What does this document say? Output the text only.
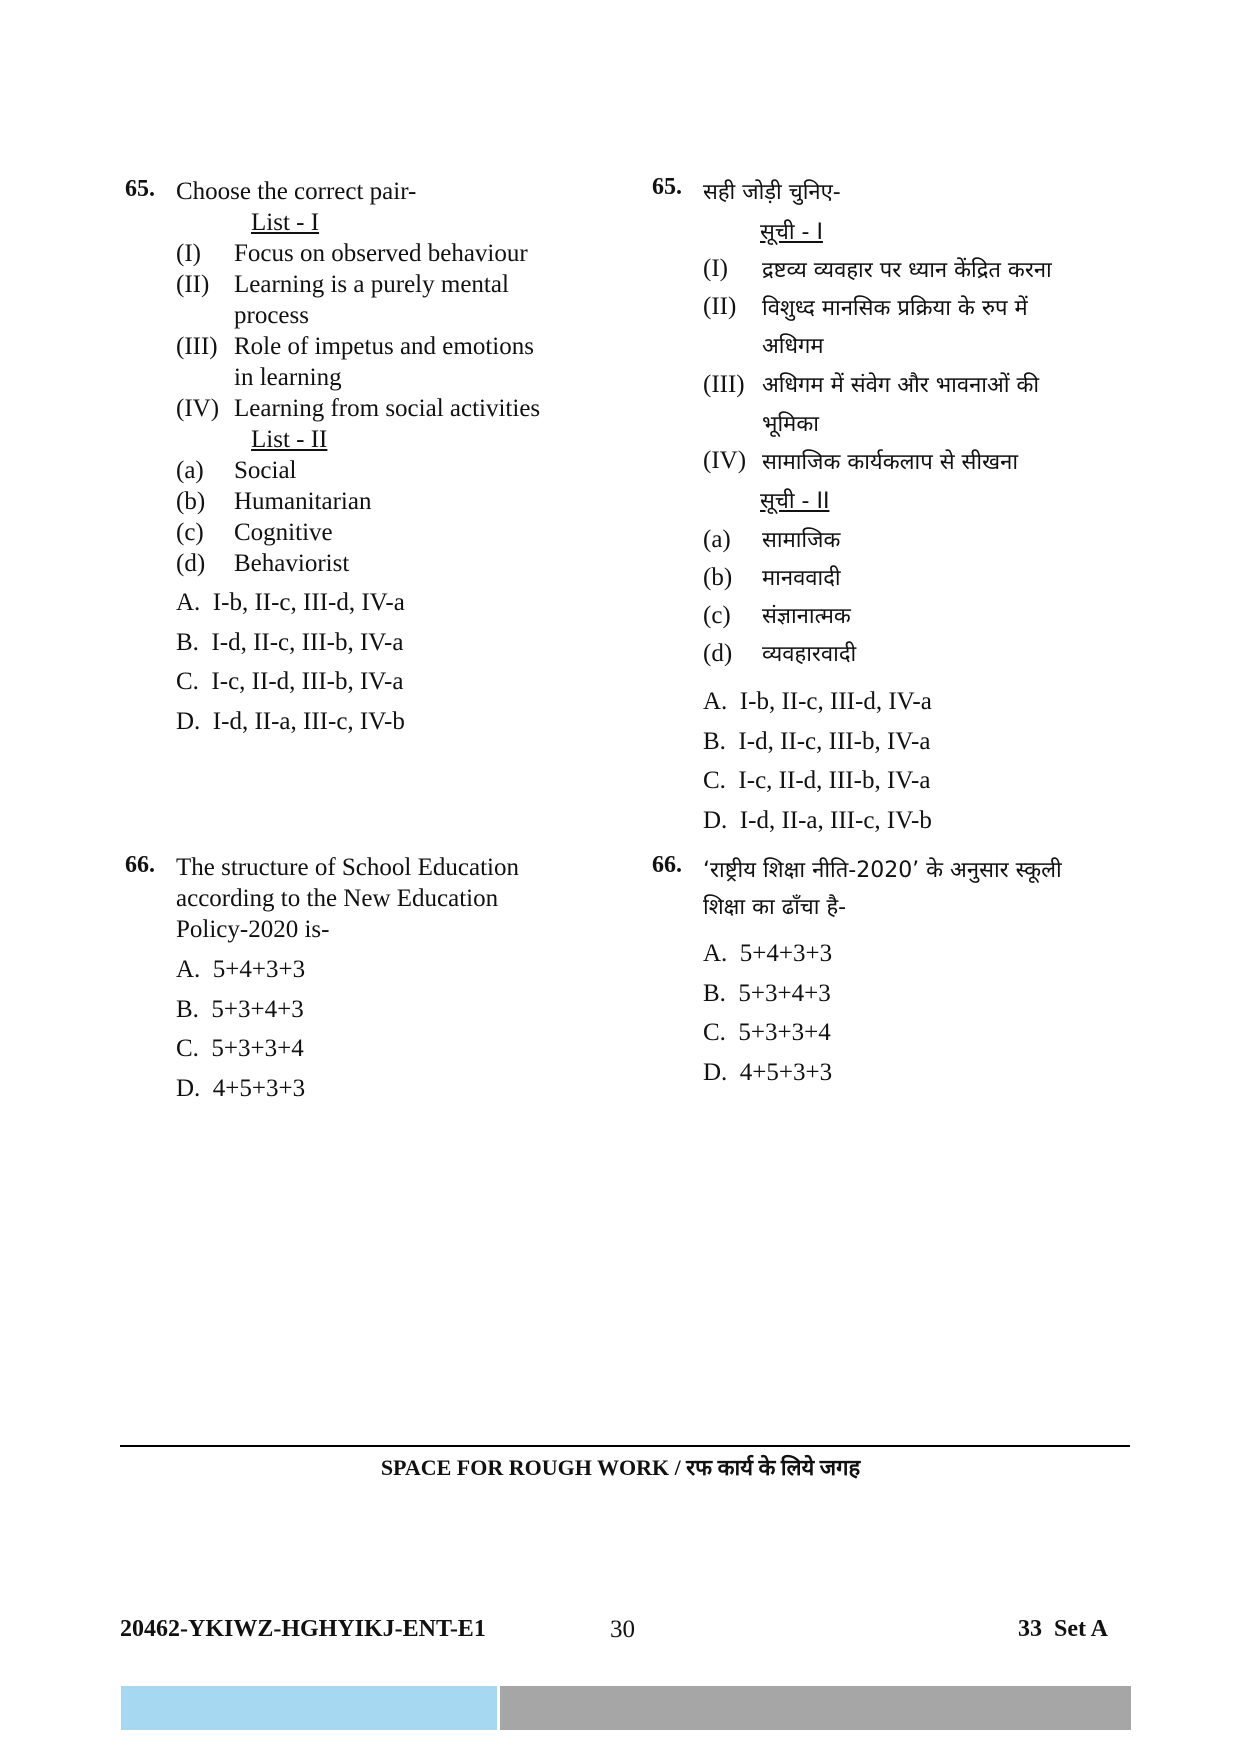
65. Choose the correct pair-
List - I
(I) Focus on observed behaviour
(II) Learning is a purely mental
process
(III) Role of impetus and emotions
in learning
(IV) Learning from social activities
List - II
(a) Social
(b) Humanitarian
(c) Cognitive
(d) Behaviorist
A.  I-b, II-c, III-d, IV-a
B.  I-d, II-c, III-b, IV-a
C.  I-c, II-d, III-b, IV-a
D.  I-d, II-a, III-c, IV-b
66. The structure of School Education
according to the New Education
Policy-2020 is-
A.  5+4+3+3
B.  5+3+4+3
C.  5+3+3+4
D.  4+5+3+3
65. सही जोड़ी चुनिए-
सूची - I
(I) द्रष्टव्य व्यवहार पर ध्यान केंद्रित करना
(II) विशुध्द मानसिक प्रक्रिया के रुप में
अधिगम
(III) अधिगम में संवेग और भावनाओं की
भूमिका
(IV) सामाजिक कार्यकलाप से सीखना
सूची - II
(a) सामाजिक
(b) मानववादी
(c) संज्ञानात्मक
(d) व्यवहारवादी
A.  I-b, II-c, III-d, IV-a
B.  I-d, II-c, III-b, IV-a
C.  I-c, II-d, III-b, IV-a
D.  I-d, II-a, III-c, IV-b
66. ‘राष्ट्रीय शिक्षा नीति-2020’ के अनुसार स्कूली
शिक्षा का ढाँचा है-
A.  5+4+3+3
B.  5+3+4+3
C.  5+3+3+4
D.  4+5+3+3
SPACE FOR ROUGH WORK / रफ कार्य के लिये जगह
20462-YKIWZ-HGHYIKJ-ENT-E1	30	33  Set A
